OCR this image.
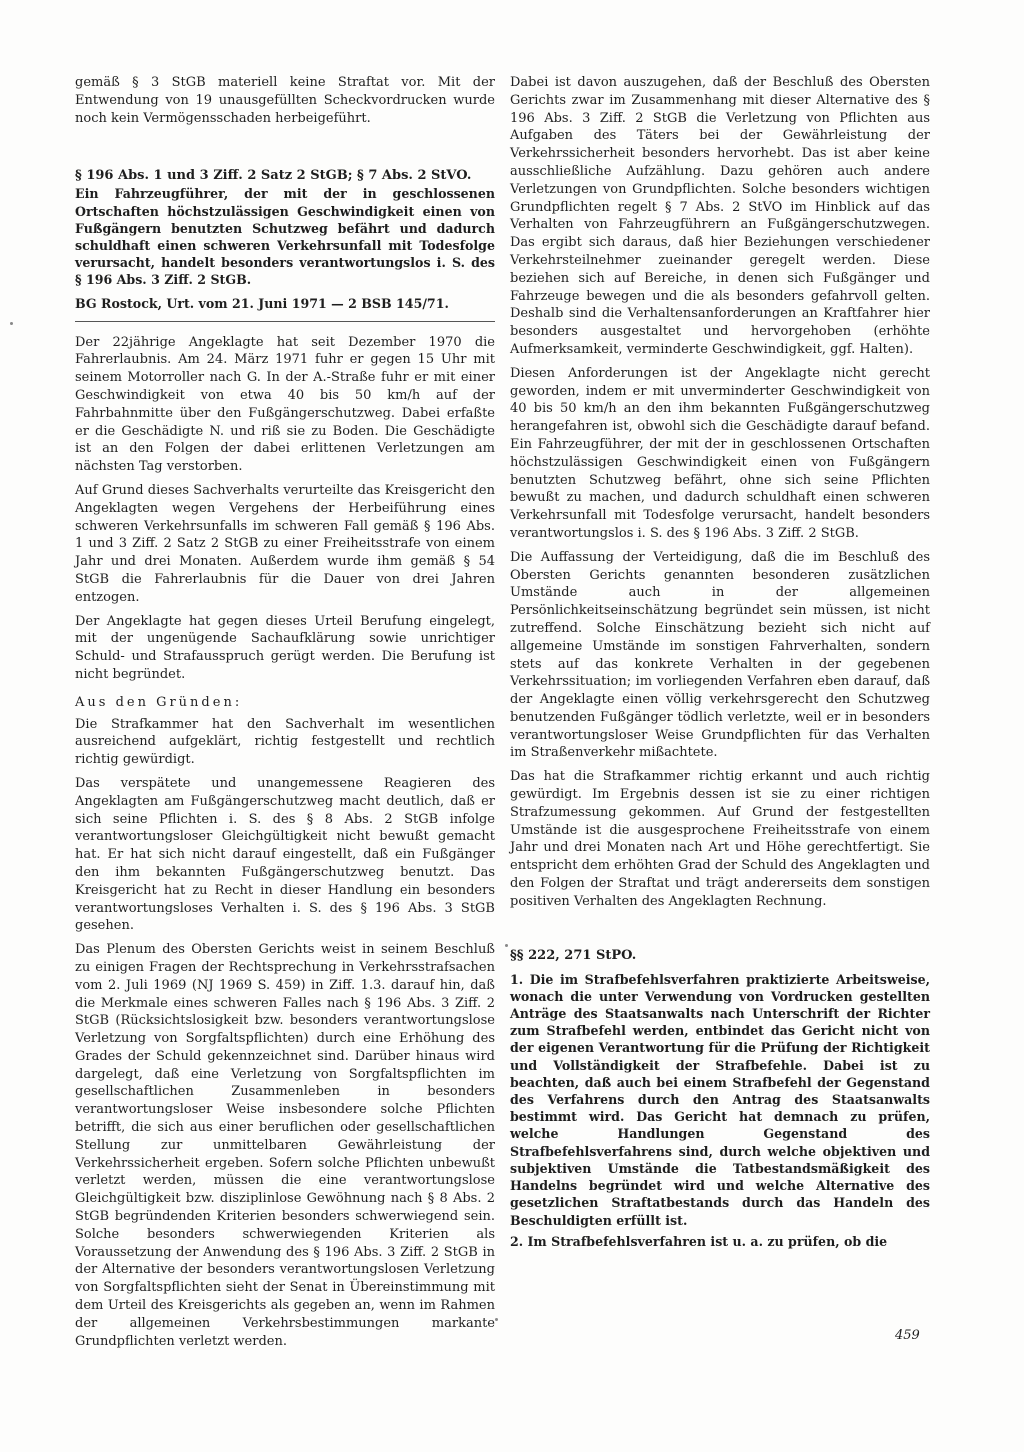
gemäß § 3 StGB materiell keine Straftat vor. Mit der Entwendung von 19 unausgefüllten Scheckvordrucken wurde noch kein Vermögensschaden herbeigeführt.

§ 196 Abs. 1 und 3 Ziff. 2 Satz 2 StGB; § 7 Abs. 2 StVO.

Ein Fahrzeugführer, der mit der in geschlossenen Ortschaften höchstzulässigen Geschwindigkeit einen von Fußgängern benutzten Schutzweg befährt und dadurch schuldhaft einen schweren Verkehrsunfall mit Todesfolge verursacht, handelt besonders verantwortungslos i. S. des § 196 Abs. 3 Ziff. 2 StGB.

BG Rostock, Urt. vom 21. Juni 1971 — 2 BSB 145/71.

Der 22jährige Angeklagte hat seit Dezember 1970 die Fahrerlaubnis. Am 24. März 1971 fuhr er gegen 15 Uhr mit seinem Motorroller nach G. In der A.-Straße fuhr er mit einer Geschwindigkeit von etwa 40 bis 50 km/h auf der Fahrbahnmitte über den Fußgängerschutzweg. Dabei erfaßte er die Geschädigte N. und riß sie zu Boden. Die Geschädigte ist an den Folgen der dabei erlittenen Verletzungen am nächsten Tag verstorben.

Auf Grund dieses Sachverhalts verurteilte das Kreisgericht den Angeklagten wegen Vergehens der Herbeiführung eines schweren Verkehrsunfalls im schweren Fall gemäß § 196 Abs. 1 und 3 Ziff. 2 Satz 2 StGB zu einer Freiheitsstrafe von einem Jahr und drei Monaten. Außerdem wurde ihm gemäß § 54 StGB die Fahrerlaubnis für die Dauer von drei Jahren entzogen.

Der Angeklagte hat gegen dieses Urteil Berufung eingelegt, mit der ungenügende Sachaufklärung sowie unrichtiger Schuld- und Strafausspruch gerügt werden. Die Berufung ist nicht begründet.

Aus den Gründen:

Die Strafkammer hat den Sachverhalt im wesentlichen ausreichend aufgeklärt, richtig festgestellt und rechtlich richtig gewürdigt.

Das verspätete und unangemessene Reagieren des Angeklagten am Fußgängerschutzweg macht deutlich, daß er sich seine Pflichten i. S. des § 8 Abs. 2 StGB infolge verantwortungsloser Gleichgültigkeit nicht bewußt gemacht hat. Er hat sich nicht darauf eingestellt, daß ein Fußgänger den ihm bekannten Fußgängerschutzweg benutzt. Das Kreisgericht hat zu Recht in dieser Handlung ein besonders verantwortungsloses Verhalten i. S. des § 196 Abs. 3 StGB gesehen.

Das Plenum des Obersten Gerichts weist in seinem Beschluß zu einigen Fragen der Rechtsprechung in Verkehrsstrafsachen vom 2. Juli 1969 (NJ 1969 S. 459) in Ziff. 1.3. darauf hin, daß die Merkmale eines schweren Falles nach § 196 Abs. 3 Ziff. 2 StGB (Rücksichtslosigkeit bzw. besonders verantwortungslose Verletzung von Sorgfaltspflichten) durch eine Erhöhung des Grades der Schuld gekennzeichnet sind. Darüber hinaus wird dargelegt, daß eine Verletzung von Sorgfaltspflichten im gesellschaftlichen Zusammenleben in besonders verantwortungsloser Weise insbesondere solche Pflichten betrifft, die sich aus einer beruflichen oder gesellschaftlichen Stellung zur unmittelbaren Gewährleistung der Verkehrssicherheit ergeben. Sofern solche Pflichten unbewußt verletzt werden, müssen die eine verantwortungslose Gleichgültigkeit bzw. disziplinlose Gewöhnung nach § 8 Abs. 2 StGB begründenden Kriterien besonders schwerwiegend sein. Solche besonders schwerwiegenden Kriterien als Voraussetzung der Anwendung des § 196 Abs. 3 Ziff. 2 StGB in der Alternative der besonders verantwortungslosen Verletzung von Sorgfaltspflichten sieht der Senat in Übereinstimmung mit dem Urteil des Kreisgerichts als gegeben an, wenn im Rahmen der allgemeinen Verkehrsbestimmungen markante Grundpflichten verletzt werden.

Dabei ist davon auszugehen, daß der Beschluß des Obersten Gerichts zwar im Zusammenhang mit dieser Alternative des § 196 Abs. 3 Ziff. 2 StGB die Verletzung von Pflichten aus Aufgaben des Täters bei der Gewährleistung der Verkehrssicherheit besonders hervorhebt. Das ist aber keine ausschließliche Aufzählung. Dazu gehören auch andere Verletzungen von Grundpflichten. Solche besonders wichtigen Grundpflichten regelt § 7 Abs. 2 StVO im Hinblick auf das Verhalten von Fahrzeugführern an Fußgängerschutzwegen. Das ergibt sich daraus, daß hier Beziehungen verschiedener Verkehrsteilnehmer zueinander geregelt werden. Diese beziehen sich auf Bereiche, in denen sich Fußgänger und Fahrzeuge bewegen und die als besonders gefahrvoll gelten. Deshalb sind die Verhaltensanforderungen an Kraftfahrer hier besonders ausgestaltet und hervorgehoben (erhöhte Aufmerksamkeit, verminderte Geschwindigkeit, ggf. Halten).

Diesen Anforderungen ist der Angeklagte nicht gerecht geworden, indem er mit unverminderter Geschwindigkeit von 40 bis 50 km/h an den ihm bekannten Fußgängerschutzweg herangefahren ist, obwohl sich die Geschädigte darauf befand. Ein Fahrzeugführer, der mit der in geschlossenen Ortschaften höchstzulässigen Geschwindigkeit einen von Fußgängern benutzten Schutzweg befährt, ohne sich seine Pflichten bewußt zu machen, und dadurch schuldhaft einen schweren Verkehrsunfall mit Todesfolge verursacht, handelt besonders verantwortungslos i. S. des § 196 Abs. 3 Ziff. 2 StGB.

Die Auffassung der Verteidigung, daß die im Beschluß des Obersten Gerichts genannten besonderen zusätzlichen Umstände auch in der allgemeinen Persönlichkeitseinschätzung begründet sein müssen, ist nicht zutreffend. Solche Einschätzung bezieht sich nicht auf allgemeine Umstände im sonstigen Fahrverhalten, sondern stets auf das konkrete Verhalten in der gegebenen Verkehrssituation; im vorliegenden Verfahren eben darauf, daß der Angeklagte einen völlig verkehrsgerecht den Schutzweg benutzenden Fußgänger tödlich verletzte, weil er in besonders verantwortungsloser Weise Grundpflichten für das Verhalten im Straßenverkehr mißachtete.

Das hat die Strafkammer richtig erkannt und auch richtig gewürdigt. Im Ergebnis dessen ist sie zu einer richtigen Strafzumessung gekommen. Auf Grund der festgestellten Umstände ist die ausgesprochene Freiheitsstrafe von einem Jahr und drei Monaten nach Art und Höhe gerechtfertigt. Sie entspricht dem erhöhten Grad der Schuld des Angeklagten und den Folgen der Straftat und trägt andererseits dem sonstigen positiven Verhalten des Angeklagten Rechnung.

§§ 222, 271 StPO.

1. Die im Strafbefehlsverfahren praktizierte Arbeitsweise, wonach die unter Verwendung von Vordrucken gestellten Anträge des Staatsanwalts nach Unterschrift der Richter zum Strafbefehl werden, entbindet das Gericht nicht von der eigenen Verantwortung für die Prüfung der Richtigkeit und Vollständigkeit der Strafbefehle. Dabei ist zu beachten, daß auch bei einem Strafbefehl der Gegenstand des Verfahrens durch den Antrag des Staatsanwalts bestimmt wird. Das Gericht hat demnach zu prüfen, welche Handlungen Gegenstand des Strafbefehlsverfahrens sind, durch welche objektiven und subjektiven Umstände die Tatbestandsmäßigkeit des Handelns begründet wird und welche Alternative des gesetzlichen Straftatbestands durch das Handeln des Beschuldigten erfüllt ist.

2. Im Strafbefehlsverfahren ist u. a. zu prüfen, ob die

459
